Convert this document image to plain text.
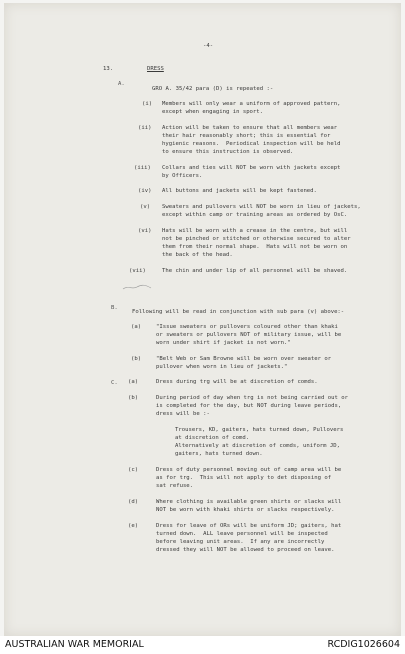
-4-
13.	DRESS
A.
GRO A. 35/42 para (D) is repeated :-
(i) Members will only wear a uniform of approved pattern,
except when engaging in sport.
(ii) Action will be taken to ensure that all members wear
their hair reasonably short; this is essential for
hygienic reasons.  Periodical inspection will be held
to ensure this instruction is observed.
(iii) Collars and ties will NOT be worn with jackets except
by Officers.
(iv) All buttons and jackets will be kept fastened.
(v) Sweaters and pullovers will NOT be worn in lieu of jackets,
except within camp or training areas as ordered by OsC.
(vi) Hats will be worn with a crease in the centre, but will
not be pinched or stitched or otherwise secured to alter
them from their normal shape.  Hats will not be worn on
the back of the head.
(vii)	The chin and under lip of all personnel will be shaved.
B.
Following will be read in conjunction with sub para (v) above:-
(a)	"Issue sweaters or pullovers coloured other than khaki
or sweaters or pullovers NOT of military issue, will be
worn under shirt if jacket is not worn."
(b)	"Belt Web or Sam Browne will be worn over sweater or
pullover when worn in lieu of jackets."
C. (a)	Dress during trg will be at discretion of comds.
(b)	During period of day when trg is not being carried out or
is completed for the day, but NOT during leave periods,
dress will be :-
Trousers, KD, gaiters, hats turned down, Pullovers
at discretion of comd.
Alternatively at discretion of comds, uniform JD,
gaiters, hats turned down.
(c)	Dress of duty personnel moving out of camp area will be
as for trg.  This will not apply to det disposing of
sat refuse.
(d)	Where clothing is available green shirts or slacks will
NOT be worn with khaki shirts or slacks respectively.
(e)	Dress for leave of ORs will be uniform JD; gaiters, hat
turned down.  ALL leave personnel will be inspected
before leaving unit areas.  If any are incorrectly
dressed they will NOT be allowed to proceed on leave.
AUSTRALIAN WAR MEMORIAL	RCDIG1026604
